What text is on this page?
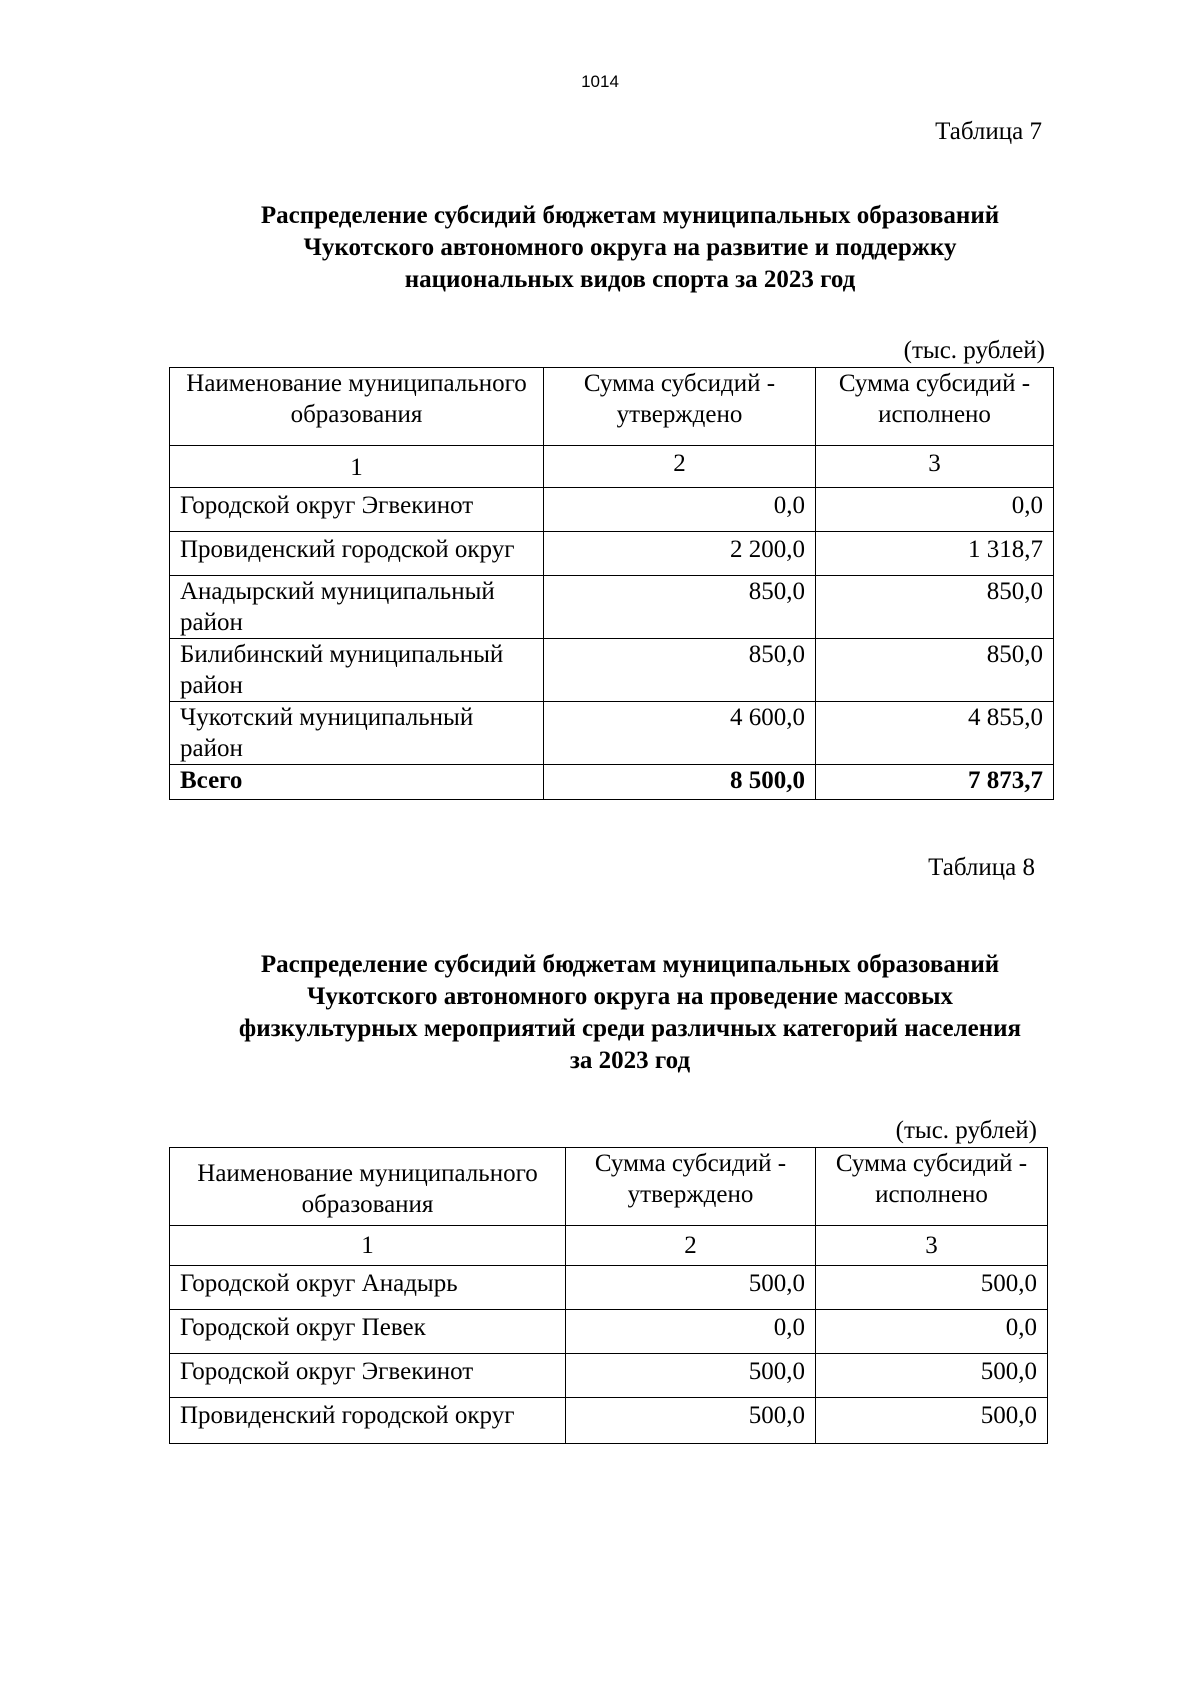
1014
Таблица 7
Распределение субсидий бюджетам муниципальных образований
Чукотского автономного округа на развитие и поддержку
национальных видов спорта за 2023 год
(тыс. рублей)
Наименование муниципального образования	Сумма субсидий - утверждено	Сумма субсидий - исполнено
1	2	3
Городской округ Эгвекинот	0,0	0,0
Провиденский городской округ	2 200,0	1 318,7
Анадырский муниципальный район	850,0	850,0
Билибинский муниципальный район	850,0	850,0
Чукотский муниципальный район	4 600,0	4 855,0
Всего	8 500,0	7 873,7
Таблица 8
Распределение субсидий бюджетам муниципальных образований
Чукотского автономного округа на проведение массовых
физкультурных мероприятий среди различных категорий населения
за 2023 год
(тыс. рублей)
Наименование муниципального образования	Сумма субсидий - утверждено	Сумма субсидий - исполнено
1	2	3
Городской округ Анадырь	500,0	500,0
Городской округ Певек	0,0	0,0
Городской округ Эгвекинот	500,0	500,0
Провиденский городской округ	500,0	500,0
